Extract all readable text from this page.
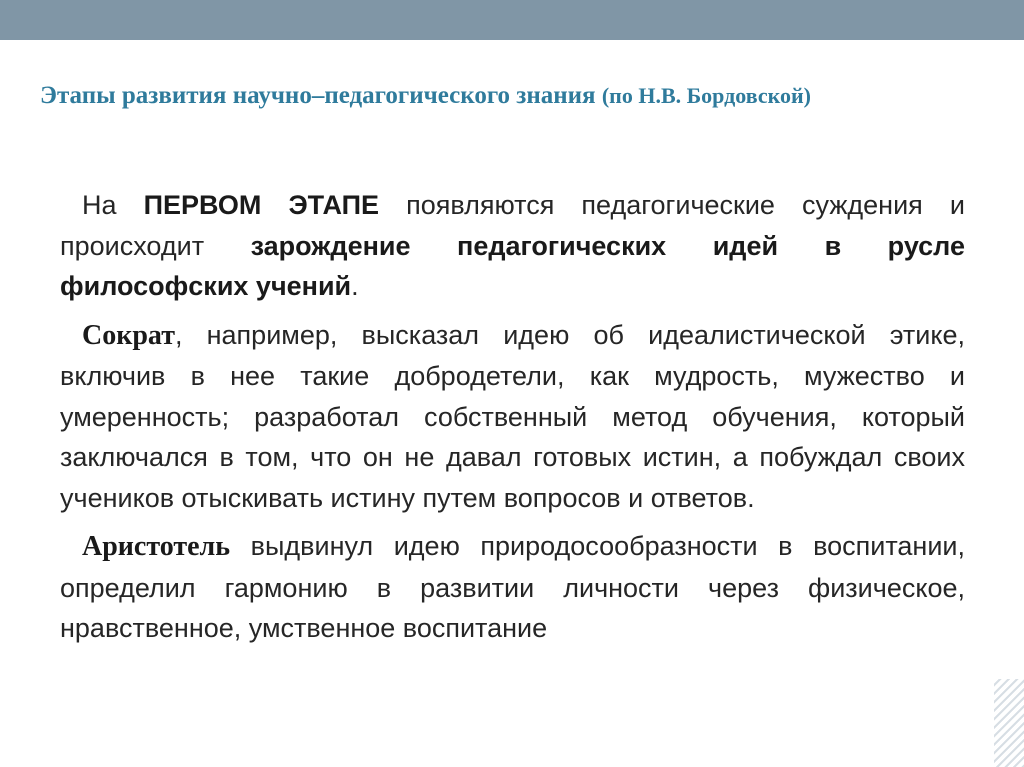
Этапы развития научно–педагогического знания (по Н.В. Бордовской)

На ПЕРВОМ ЭТАПЕ появляются педагогические суждения и происходит зарождение педагогических идей в русле философских учений.

Сократ, например, высказал идею об идеалистической этике, включив в нее такие добродетели, как мудрость, мужество и умеренность; разработал собственный метод обучения, который заключался в том, что он не давал готовых истин, а побуждал своих учеников отыскивать истину путем вопросов и ответов.

Аристотель выдвинул идею природосообразности в воспитании, определил гармонию в развитии личности через физическое, нравственное, умственное воспитание
